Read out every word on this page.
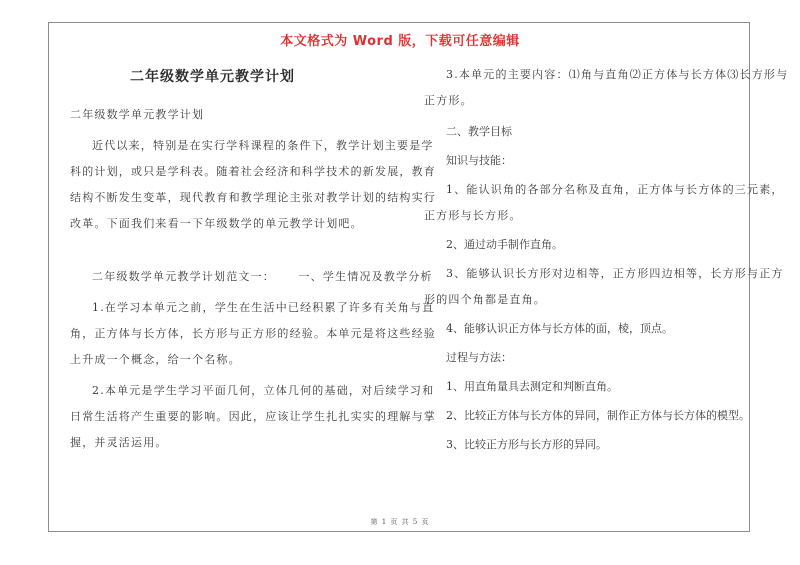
本文格式为 Word 版，下载可任意编辑
二年级数学单元教学计划

二年级数学单元教学计划

近代以来，特别是在实行学科课程的条件下，教学计划主要是学
科的计划，或只是学科表。随着社会经济和科学技术的新发展，教育
结构不断发生变革，现代教育和教学理论主张对教学计划的结构实行
改革。下面我们来看一下年级数学的单元教学计划吧。
二年级数学单元教学计划范文一：     一、学生情况及教学分析
1.在学习本单元之前，学生在生活中已经积累了许多有关角与直
角，正方体与长方体，长方形与正方形的经验。本单元是将这些经验
上升成一个概念，给一个名称。
2.本单元是学生学习平面几何，立体几何的基础，对后续学习和
日常生活将产生重要的影响。因此，应该让学生扎扎实实的理解与掌
握，并灵活运用。
3.本单元的主要内容：⑴角与直角⑵正方体与长方体⑶长方形与
正方形。
二、教学目标
知识与技能：
1、能认识角的各部分名称及直角，正方体与长方体的三元素，
正方形与长方形。
2、通过动手制作直角。
3、能够认识长方形对边相等，正方形四边相等，长方形与正方
形的四个角都是直角。
4、能够认识正方体与长方体的面，棱，顶点。
过程与方法：
1、用直角量具去测定和判断直角。
2、比较正方体与长方体的异同，制作正方体与长方体的模型。
3、比较正方形与长方形的异同。
第 1 页 共 5 页
